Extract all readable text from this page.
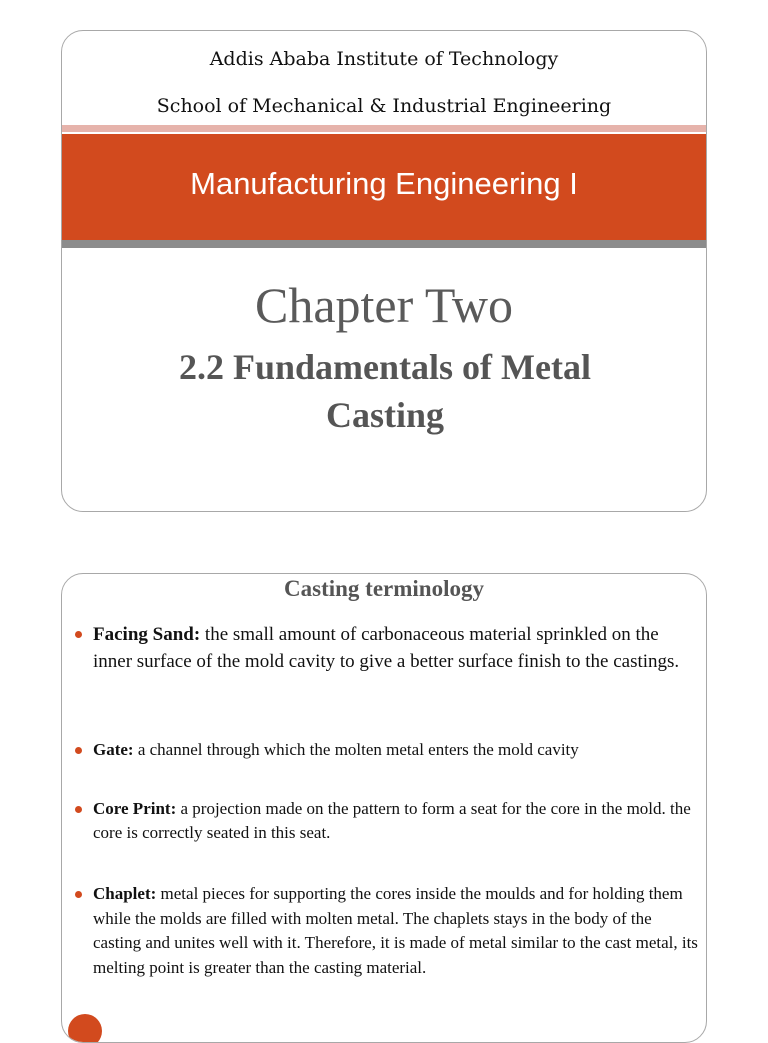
Addis Ababa Institute of Technology

School of Mechanical & Industrial Engineering

Manufacturing Engineering I

Chapter Two

2.2 Fundamentals of Metal
Casting

Casting terminology

Facing Sand: the small amount of carbonaceous material sprinkled on the inner surface of the mold cavity to give a better surface finish to the castings.
Gate: a channel through which the molten metal enters the mold cavity
Core Print: a projection made on the pattern to form a seat for the core in the mold. the core is correctly seated in this seat.
Chaplet: metal pieces for supporting the cores inside the moulds and for holding them while the molds are filled with molten metal. The chaplets stays in the body of the casting and unites well with it. Therefore, it is made of metal similar to the cast metal, its melting point is greater than the casting material.
